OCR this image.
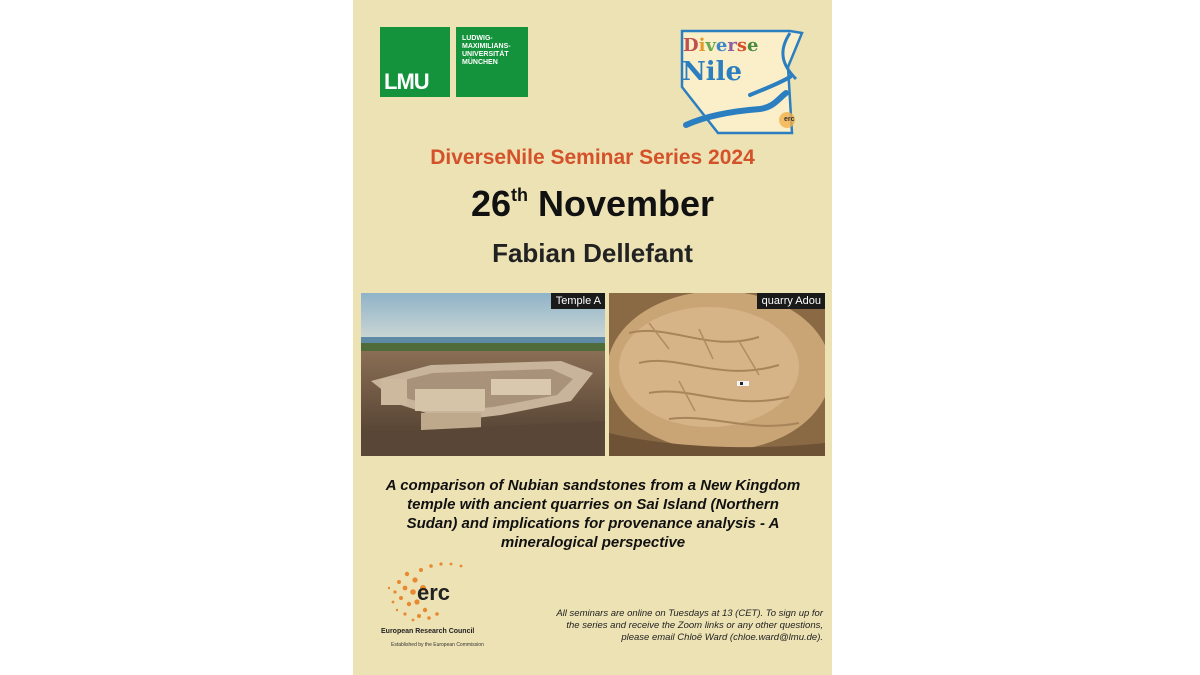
LMU
LUDWIG-
MAXIMILIANS-
UNIVERSITÄT
MÜNCHEN
Diverse
Nile
erc
DiverseNile Seminar Series 2024
26th November
Fabian Dellefant
Temple A	quarry Adou
A comparison of Nubian sandstones from a New Kingdom temple with ancient quarries on Sai Island (Northern Sudan) and implications for provenance analysis - A mineralogical perspective
erc
European Research Council
Established by the European Commission
All seminars are online on Tuesdays at 13 (CET). To sign up for the series and receive the Zoom links or any other questions, please email Chloë Ward (chloe.ward@lmu.de).
